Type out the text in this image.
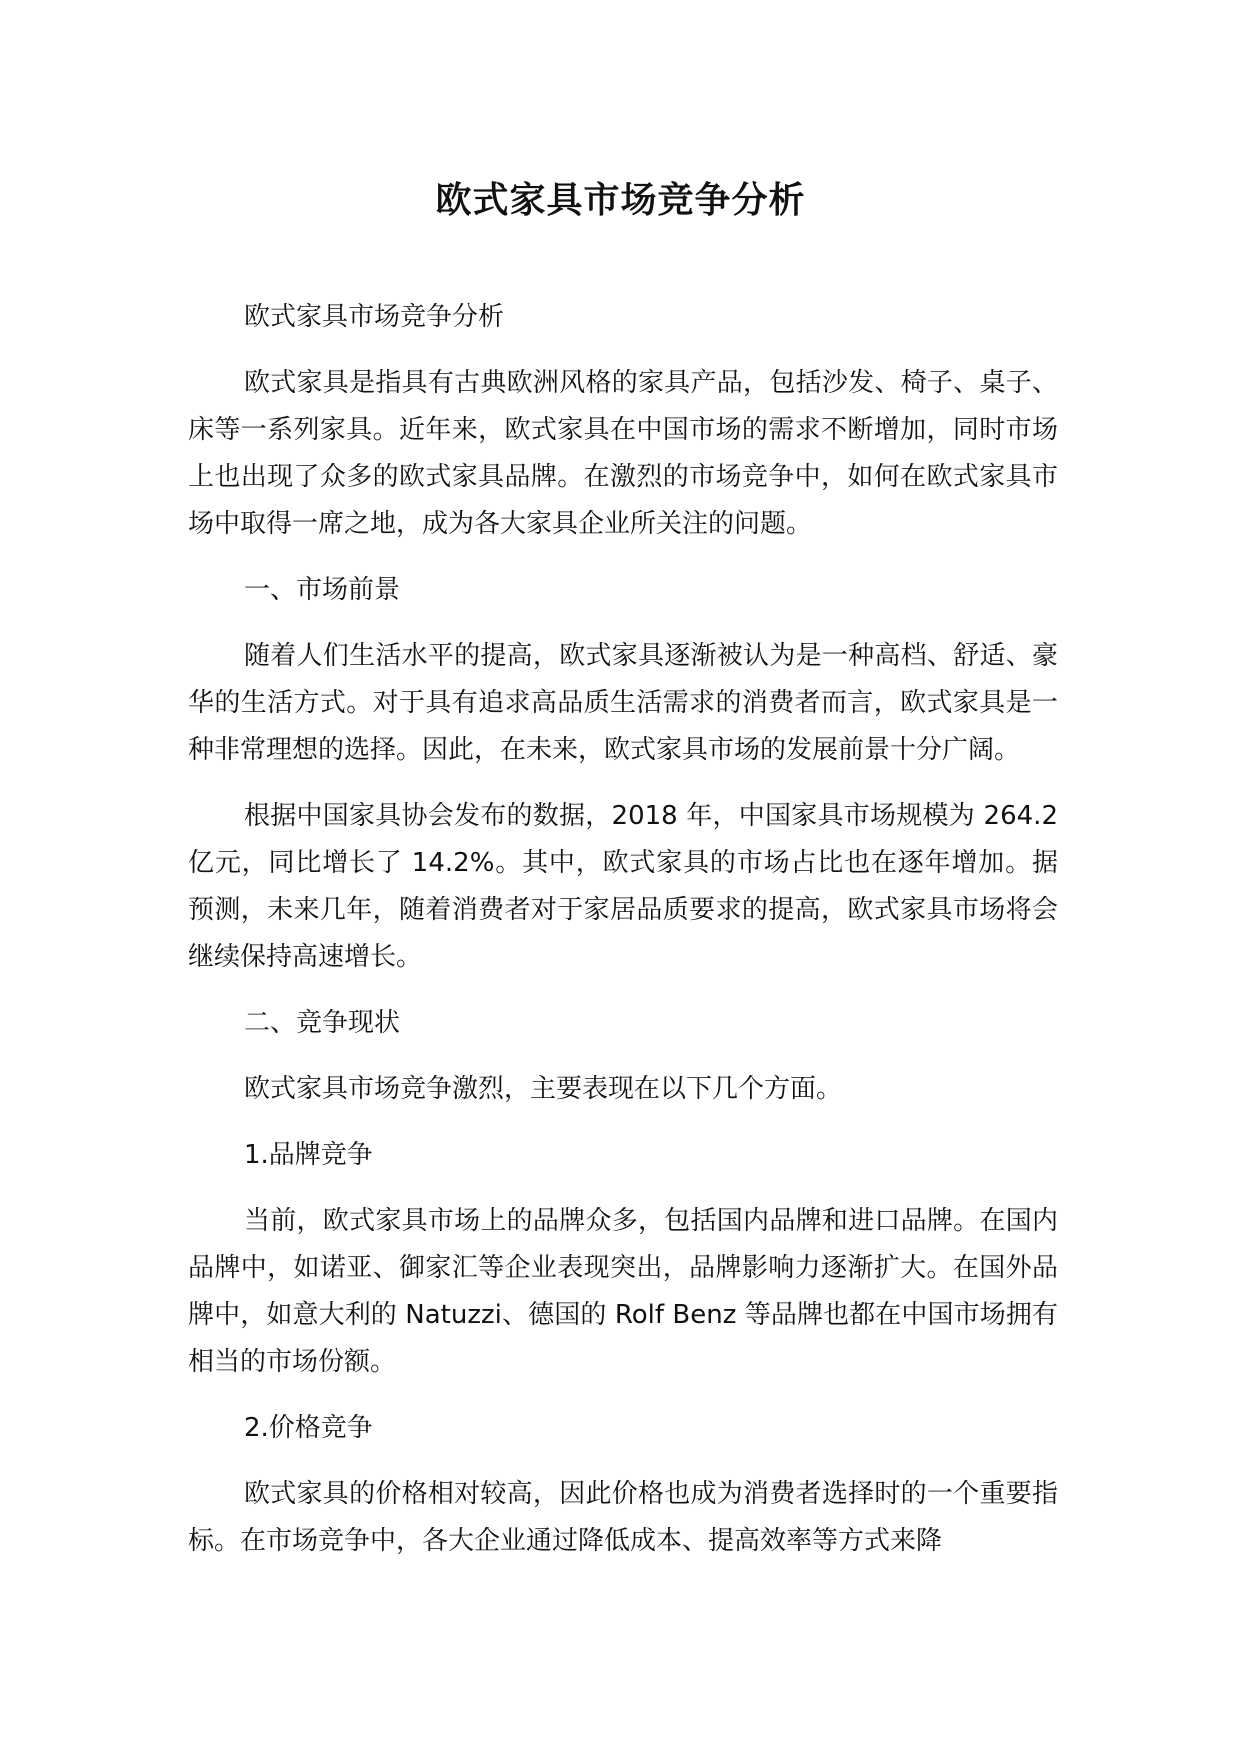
欧式家具市场竞争分析

欧式家具市场竞争分析

欧式家具是指具有古典欧洲风格的家具产品，包括沙发、椅子、桌子、床等一系列家具。近年来，欧式家具在中国市场的需求不断增加，同时市场上也出现了众多的欧式家具品牌。在激烈的市场竞争中，如何在欧式家具市场中取得一席之地，成为各大家具企业所关注的问题。

一、市场前景

随着人们生活水平的提高，欧式家具逐渐被认为是一种高档、舒适、豪华的生活方式。对于具有追求高品质生活需求的消费者而言，欧式家具是一种非常理想的选择。因此，在未来，欧式家具市场的发展前景十分广阔。

根据中国家具协会发布的数据，2018 年，中国家具市场规模为 264.2 亿元，同比增长了 14.2%。其中，欧式家具的市场占比也在逐年增加。据预测，未来几年，随着消费者对于家居品质要求的提高，欧式家具市场将会继续保持高速增长。

二、竞争现状

欧式家具市场竞争激烈，主要表现在以下几个方面。

1.品牌竞争

当前，欧式家具市场上的品牌众多，包括国内品牌和进口品牌。在国内品牌中，如诺亚、御家汇等企业表现突出，品牌影响力逐渐扩大。在国外品牌中，如意大利的 Natuzzi、德国的 Rolf Benz 等品牌也都在中国市场拥有相当的市场份额。

2.价格竞争

欧式家具的价格相对较高，因此价格也成为消费者选择时的一个重要指标。在市场竞争中，各大企业通过降低成本、提高效率等方式来降
